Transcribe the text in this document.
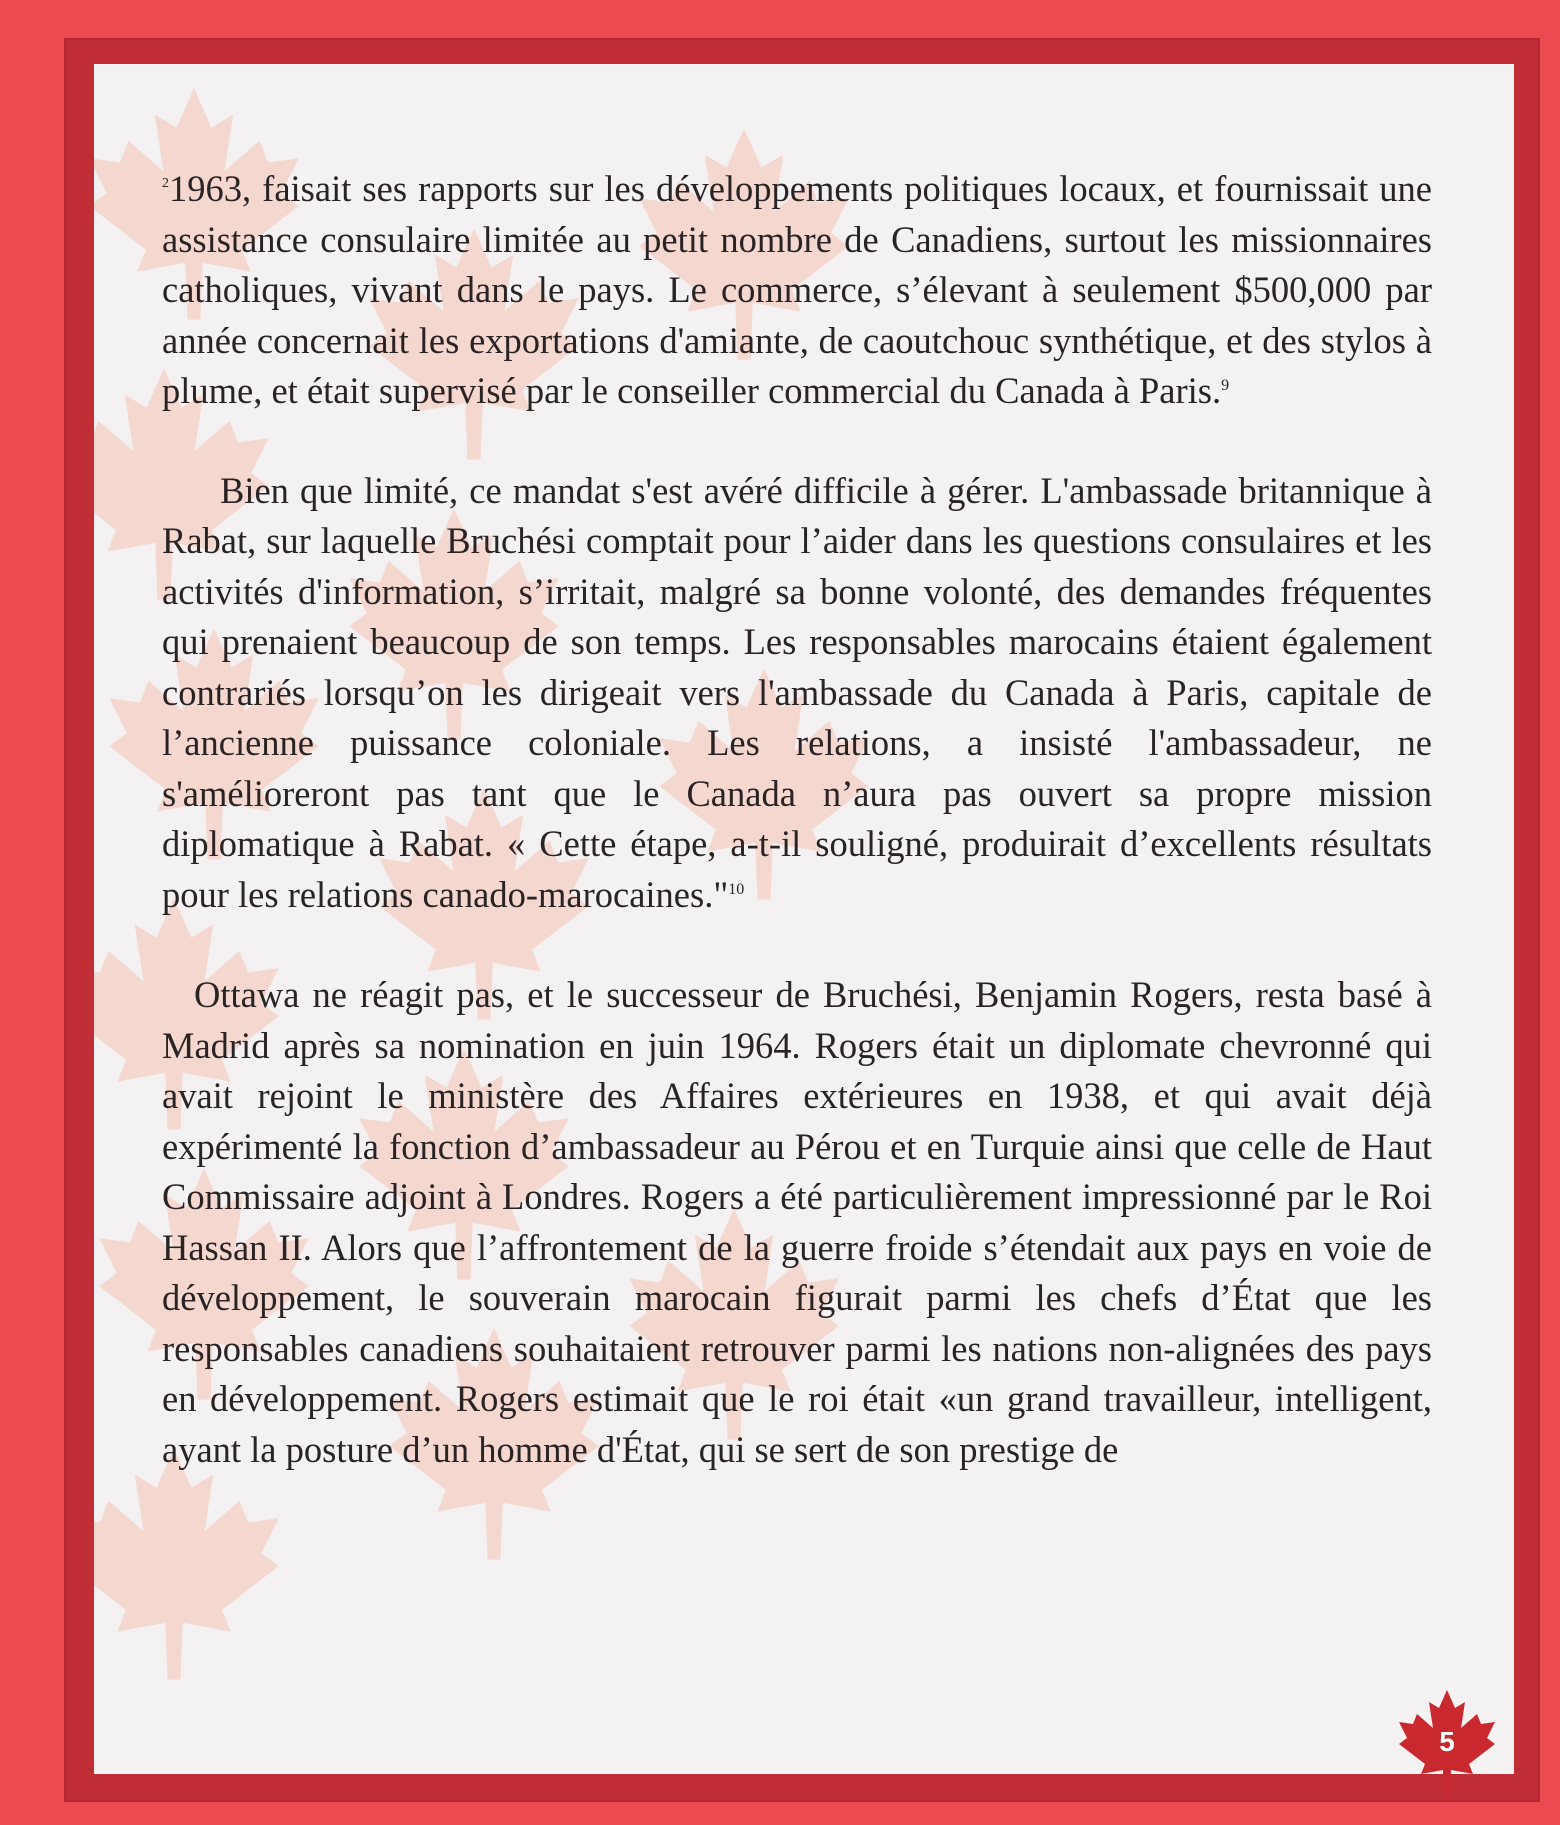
$^2$1963, faisait ses rapports sur les développements politiques locaux, et fournissait une assistance consulaire limitée au petit nombre de Canadiens, surtout les missionnaires catholiques, vivant dans le pays. Le commerce, s’élevant à seulement $500,000 par année concernait les exportations d'amiante, de caoutchouc synthétique, et des stylos à plume, et était supervisé par le conseiller commercial du Canada à Paris.$^9$

Bien que limité, ce mandat s'est avéré difficile à gérer. L'ambassade britannique à Rabat, sur laquelle Bruchési comptait pour l’aider dans les questions consulaires et les activités d'information, s’irritait, malgré sa bonne volonté, des demandes fréquentes qui prenaient beaucoup de son temps. Les responsables marocains étaient également contrariés lorsqu’on les dirigeait vers l'ambassade du Canada à Paris, capitale de l’ancienne puissance coloniale. Les relations, a insisté l'ambassadeur, ne s'amélioreront pas tant que le Canada n’aura pas ouvert sa propre mission diplomatique à Rabat. « Cette étape, a-t-il souligné, produirait d’excellents résultats pour les relations canado-marocaines."$^{10}$

Ottawa ne réagit pas, et le successeur de Bruchési, Benjamin Rogers, resta basé à Madrid après sa nomination en juin 1964. Rogers était un diplomate chevronné qui avait rejoint le ministère des Affaires extérieures en 1938, et qui avait déjà expérimenté la fonction d’ambassadeur au Pérou et en Turquie ainsi que celle de Haut Commissaire adjoint à Londres. Rogers a été particulièrement impressionné par le Roi Hassan II. Alors que l’affrontement de la guerre froide s’étendait aux pays en voie de développement, le souverain marocain figurait parmi les chefs d’État que les responsables canadiens souhaitaient retrouver parmi les nations non-alignées des pays en développement. Rogers estimait que le roi était «un grand travailleur, intelligent, ayant la posture d’un homme d'État, qui se sert de son prestige de

5
